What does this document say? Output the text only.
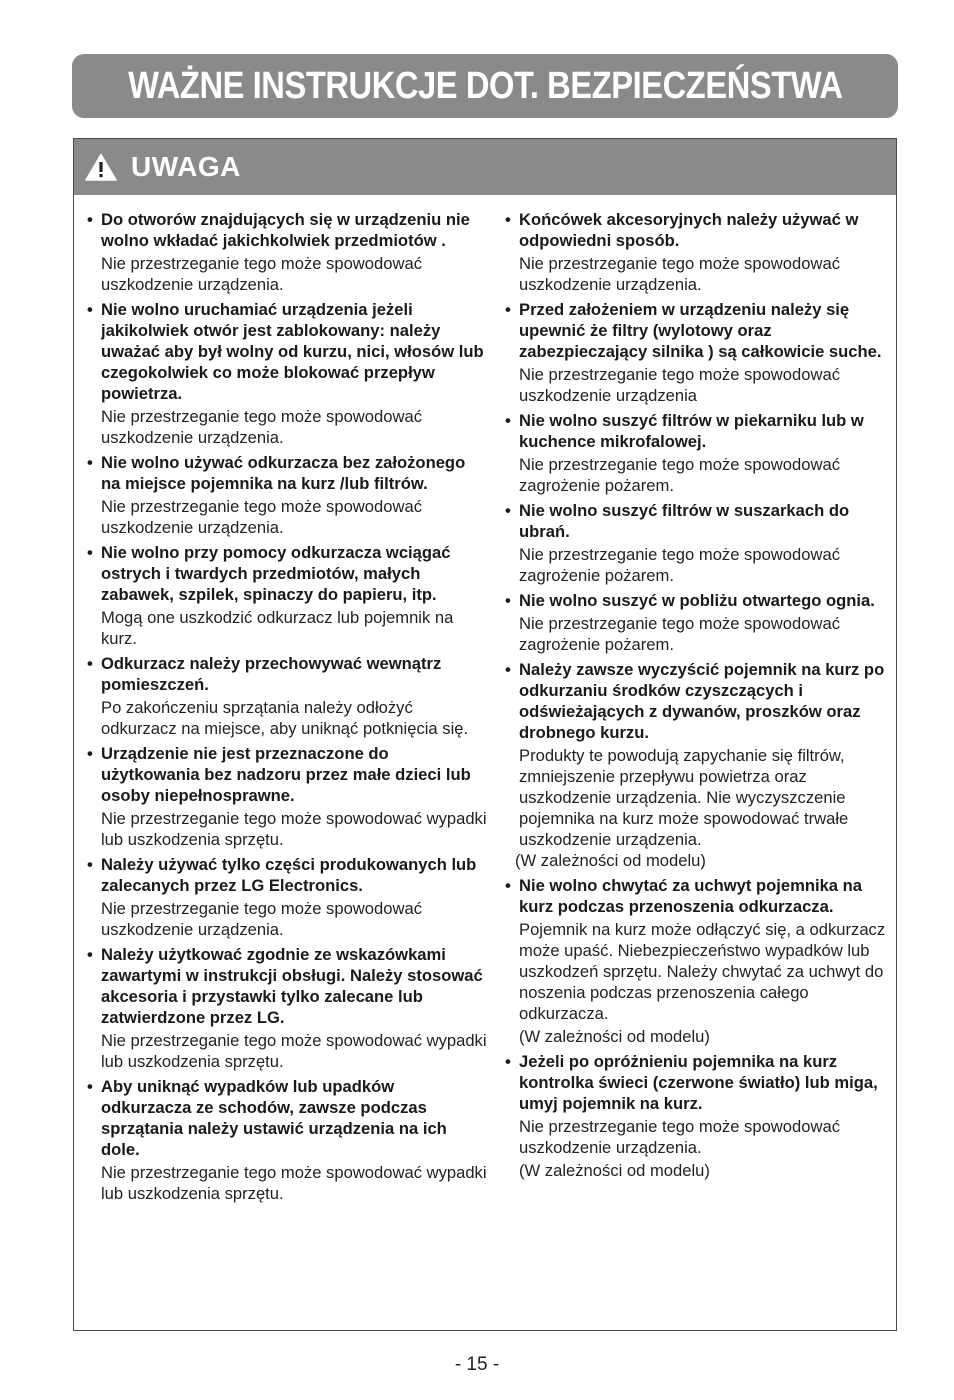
WAŻNE INSTRUKCJE DOT. BEZPIECZEŃSTWA
UWAGA
• Do otworów znajdujących się w urządzeniu nie wolno wkładać jakichkolwiek przedmiotów .
Nie przestrzeganie tego może spowodować uszkodzenie urządzenia.
• Nie wolno uruchamiać urządzenia jeżeli jakikolwiek otwór jest zablokowany: należy uważać aby był wolny od kurzu, nici, włosów lub czegokolwiek co może blokować przepływ powietrza.
Nie przestrzeganie tego może spowodować uszkodzenie urządzenia.
• Nie wolno używać odkurzacza bez założonego na miejsce pojemnika na kurz /lub filtrów.
Nie przestrzeganie tego może spowodować uszkodzenie urządzenia.
• Nie wolno przy pomocy odkurzacza wciągać ostrych i twardych przedmiotów, małych zabawek, szpilek, spinaczy do papieru, itp.
Mogą one uszkodzić odkurzacz lub pojemnik na kurz.
• Odkurzacz należy przechowywać wewnątrz pomieszczeń.
Po zakończeniu sprzątania należy odłożyć odkurzacz na miejsce, aby uniknąć potknięcia się.
• Urządzenie nie jest przeznaczone do użytkowania bez nadzoru przez małe dzieci lub osoby niepełnosprawne.
Nie przestrzeganie tego może spowodować wypadki lub uszkodzenia sprzętu.
• Należy używać tylko części produkowanych lub zalecanych przez LG Electronics.
Nie przestrzeganie tego może spowodować uszkodzenie urządzenia.
• Należy użytkować zgodnie ze wskazówkami zawartymi w instrukcji obsługi. Należy stosować akcesoria i przystawki tylko zalecane lub zatwierdzone przez LG.
Nie przestrzeganie tego może spowodować wypadki lub uszkodzenia sprzętu.
• Aby uniknąć wypadków lub upadków odkurzacza ze schodów, zawsze podczas sprzątania należy ustawić urządzenia na ich dole.
Nie przestrzeganie tego może spowodować wypadki lub uszkodzenia sprzętu.
• Końcówek akcesoryjnych należy używać w odpowiedni sposób.
Nie przestrzeganie tego może spowodować uszkodzenie urządzenia.
• Przed założeniem w urządzeniu należy się upewnić że filtry (wylotowy oraz zabezpieczający silnika ) są całkowicie suche.
Nie przestrzeganie tego może spowodować uszkodzenie urządzenia
• Nie wolno suszyć filtrów w piekarniku lub w kuchence mikrofalowej.
Nie przestrzeganie tego może spowodować zagrożenie pożarem.
• Nie wolno suszyć filtrów w suszarkach do ubrań.
Nie przestrzeganie tego może spowodować zagrożenie pożarem.
• Nie wolno suszyć w pobliżu otwartego ognia.
Nie przestrzeganie tego może spowodować zagrożenie pożarem.
• Należy zawsze wyczyścić pojemnik na kurz po odkurzaniu środków czyszczących i odświeżających z dywanów, proszków oraz drobnego kurzu.
Produkty te powodują zapychanie się filtrów, zmniejszenie przepływu powietrza oraz uszkodzenie urządzenia. Nie wyczyszczenie pojemnika na kurz może spowodować trwałe uszkodzenie urządzenia.
(W zależności od modelu)
• Nie wolno chwytać za uchwyt pojemnika na kurz podczas przenoszenia odkurzacza.
Pojemnik na kurz może odłączyć się, a odkurzacz może upaść. Niebezpieczeństwo wypadków lub uszkodzeń sprzętu. Należy chwytać za uchwyt do noszenia podczas przenoszenia całego odkurzacza.
(W zależności od modelu)
• Jeżeli po opróżnieniu pojemnika na kurz kontrolka świeci (czerwone światło) lub miga, umyj pojemnik na kurz.
Nie przestrzeganie tego może spowodować uszkodzenie urządzenia.
(W zależności od modelu)
- 15 -
